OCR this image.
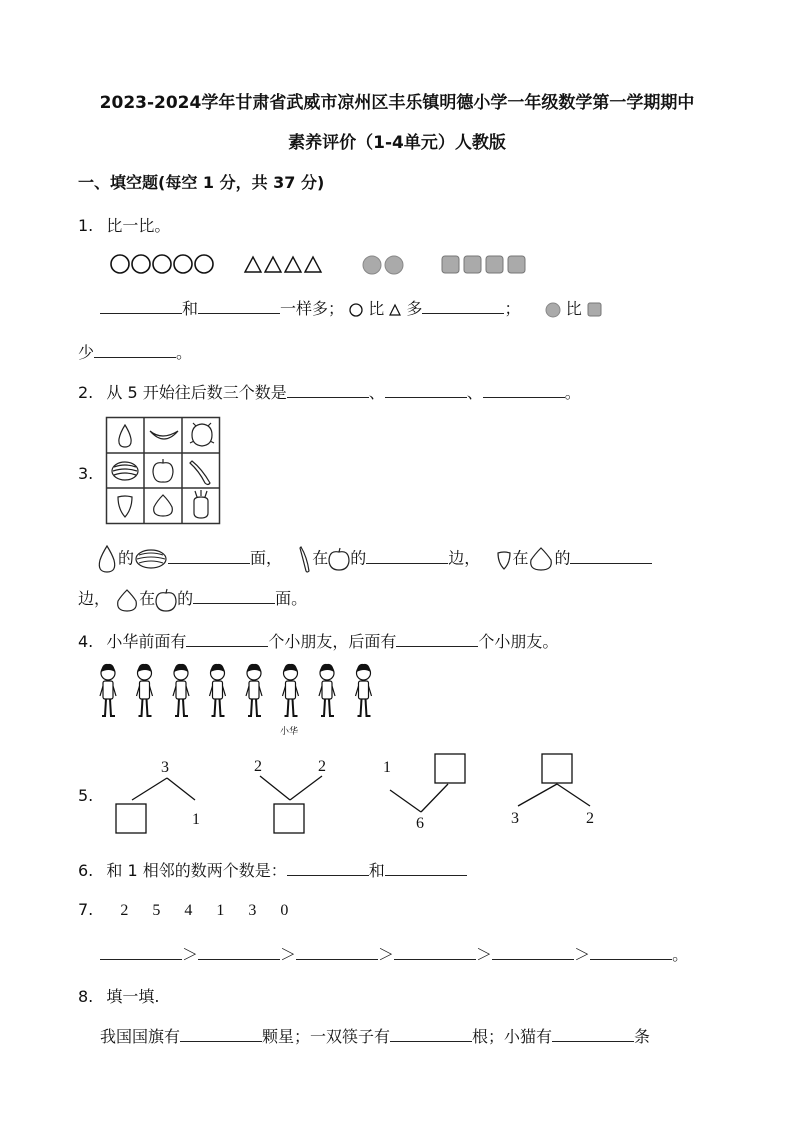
2023-2024学年甘肃省武威市凉州区丰乐镇明德小学一年级数学第一学期期中
素养评价（1-4单元）人教版
一、填空题(每空 1 分，共 37 分)
1. 比一比。
和	一样多； 比 多	；	比
少	。
2. 从 5 开始往后数三个数是	、	、	。
3.
的	面， 在 的	边， 在 的
边， 在 的	面。
4. 小华前面有	个小朋友，后面有	个小朋友。
小华
5.
3
1
2	2	1
6	3	2
6. 和 1 相邻的数两个数是：	和
7. 2 5 4 1 3 0
＞	＞	＞	＞	＞	。
8. 填一填.
我国国旗有	颗星；一双筷子有	根；小猫有	条
